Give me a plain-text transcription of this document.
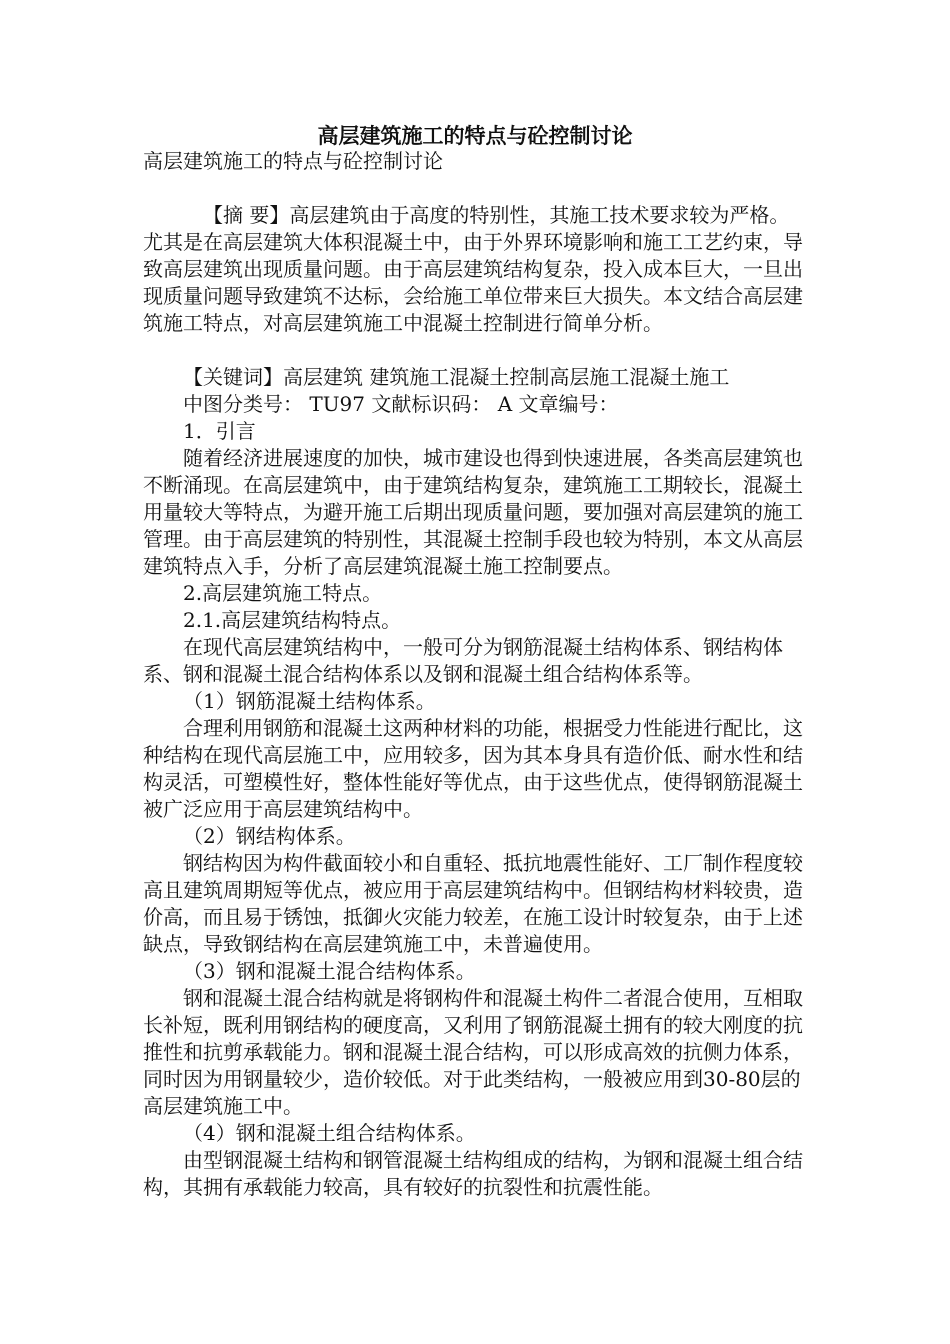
高层建筑施工的特点与砼控制讨论

高层建筑施工的特点与砼控制讨论

【摘 要】高层建筑由于高度的特别性，其施工技术要求较为严格。尤其是在高层建筑大体积混凝土中，由于外界环境影响和施工工艺约束，导致高层建筑出现质量问题。由于高层建筑结构复杂，投入成本巨大，一旦出现质量问题导致建筑不达标，会给施工单位带来巨大损失。本文结合高层建筑施工特点，对高层建筑施工中混凝土控制进行简单分析。

【关键词】高层建筑 建筑施工混凝土控制高层施工混凝土施工

中图分类号： TU97 文献标识码： A 文章编号：

1．引言

随着经济进展速度的加快，城市建设也得到快速进展，各类高层建筑也不断涌现。在高层建筑中，由于建筑结构复杂，建筑施工工期较长，混凝土用量较大等特点，为避开施工后期出现质量问题，要加强对高层建筑的施工管理。由于高层建筑的特别性，其混凝土控制手段也较为特别，本文从高层建筑特点入手，分析了高层建筑混凝土施工控制要点。

2.高层建筑施工特点。

2.1.高层建筑结构特点。

在现代高层建筑结构中，一般可分为钢筋混凝土结构体系、钢结构体系、钢和混凝土混合结构体系以及钢和混凝土组合结构体系等。

（1）钢筋混凝土结构体系。

合理利用钢筋和混凝土这两种材料的功能，根据受力性能进行配比，这种结构在现代高层施工中，应用较多，因为其本身具有造价低、耐水性和结构灵活，可塑模性好，整体性能好等优点，由于这些优点，使得钢筋混凝土被广泛应用于高层建筑结构中。

（2）钢结构体系。

钢结构因为构件截面较小和自重轻、抵抗地震性能好、工厂制作程度较高且建筑周期短等优点，被应用于高层建筑结构中。但钢结构材料较贵，造价高，而且易于锈蚀，抵御火灾能力较差，在施工设计时较复杂，由于上述缺点，导致钢结构在高层建筑施工中，未普遍使用。

（3）钢和混凝土混合结构体系。

钢和混凝土混合结构就是将钢构件和混凝土构件二者混合使用，互相取长补短，既利用钢结构的硬度高，又利用了钢筋混凝土拥有的较大刚度的抗推性和抗剪承载能力。钢和混凝土混合结构，可以形成高效的抗侧力体系，同时因为用钢量较少，造价较低。对于此类结构，一般被应用到30-80层的高层建筑施工中。

（4）钢和混凝土组合结构体系。

由型钢混凝土结构和钢管混凝土结构组成的结构，为钢和混凝土组合结构，其拥有承载能力较高，具有较好的抗裂性和抗震性能。
